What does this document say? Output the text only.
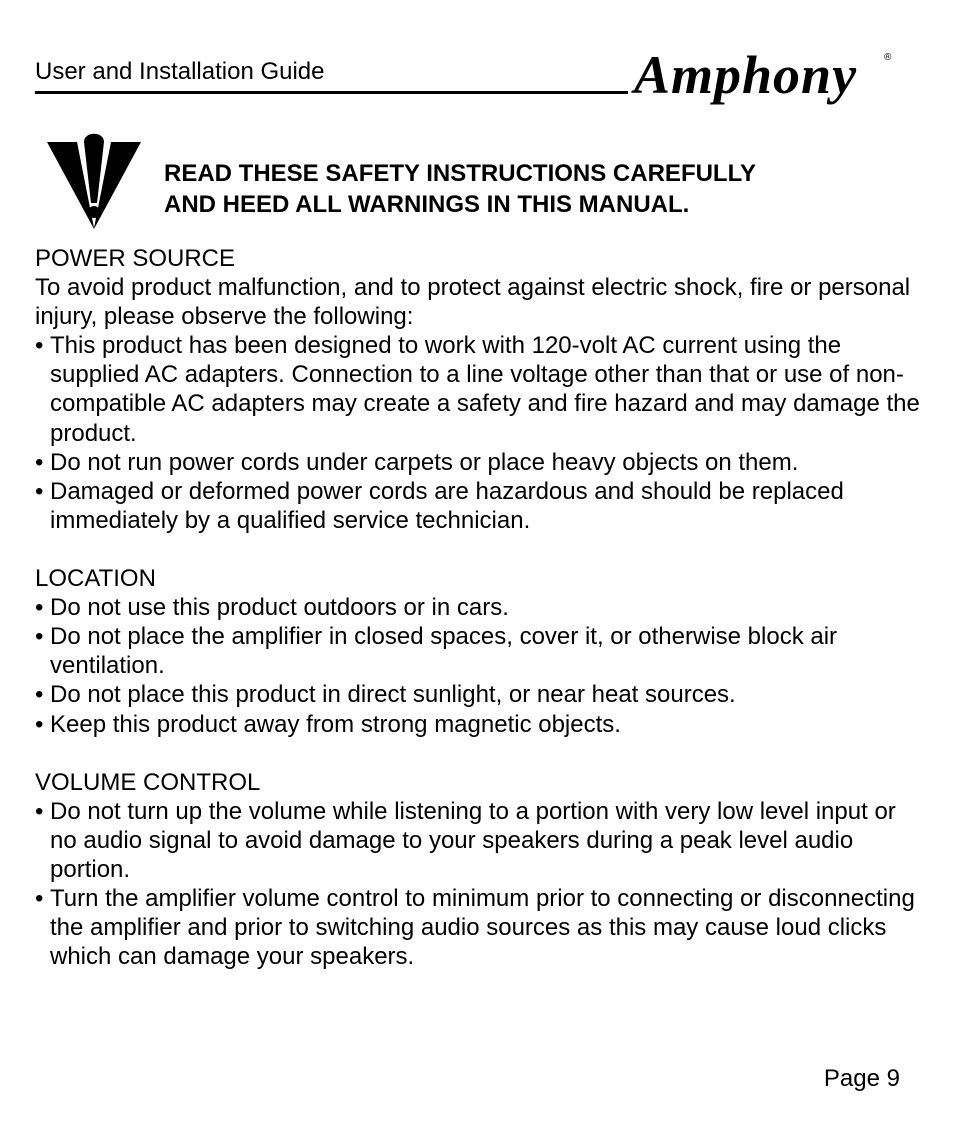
User and Installation Guide	Amphony	®
READ THESE SAFETY INSTRUCTIONS CAREFULLY
AND HEED ALL WARNINGS IN THIS MANUAL.
POWER SOURCE
To avoid product malfunction, and to protect against electric shock, fire or personal injury, please observe the following:
• This product has been designed to work with 120-volt AC current using the supplied AC adapters. Connection to a line voltage other than that or use of non-compatible AC adapters may create a safety and fire hazard and may damage the product.
• Do not run power cords under carpets or place heavy objects on them.
• Damaged or deformed power cords are hazardous and should be replaced immediately by a qualified service technician.
LOCATION
• Do not use this product outdoors or in cars.
• Do not place the amplifier in closed spaces, cover it, or otherwise block air ventilation.
• Do not place this product in direct sunlight, or near heat sources.
• Keep this product away from strong magnetic objects.
VOLUME CONTROL
• Do not turn up the volume while listening to a portion with very low level input or no audio signal to avoid damage to your speakers during a peak level audio portion.
• Turn the amplifier volume control to minimum prior to connecting or disconnecting the amplifier and prior to switching audio sources as this may cause loud clicks which can damage your speakers.
Page 9
